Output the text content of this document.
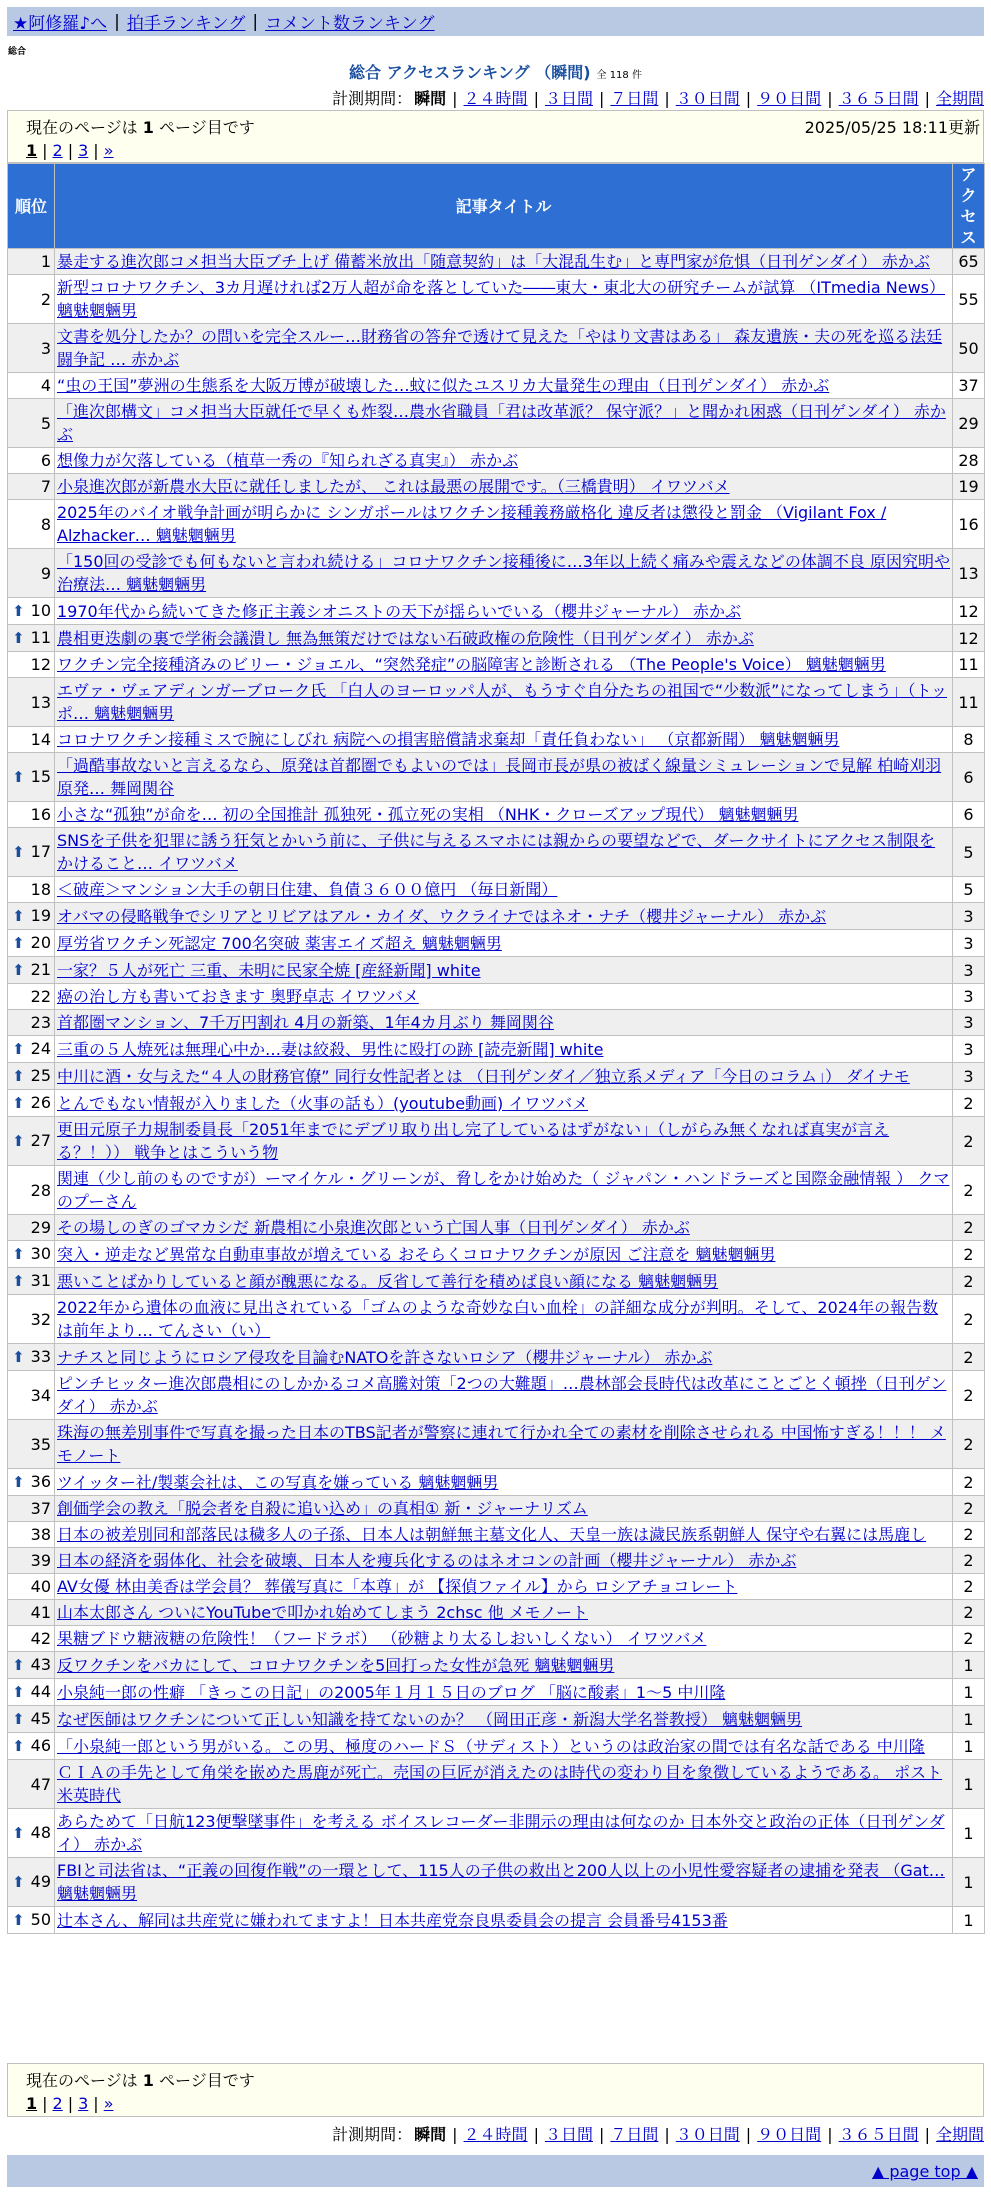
★阿修羅♪へ | 拍手ランキング | コメント数ランキング
総合
総合 アクセスランキング （瞬間) 全 118 件
計測期間： 瞬間 | ２４時間 | ３日間 | ７日間 | ３０日間 | ９０日間 | ３６５日間 | 全期間
現在のページは 1 ページ目です	2025/05/25 18:11更新
1 | 2 | 3 | »
順位	記事タイトル	アクセス
1	暴走する進次郎コメ担当大臣ブチ上げ 備蓄米放出「随意契約」は「大混乱生む」と専門家が危惧（日刊ゲンダイ） 赤かぶ	65
2	新型コロナワクチン、3カ月遅ければ2万人超が命を落としていた――東大・東北大の研究チームが試算 （ITmedia News） 魑魅魍魎男	55
3	文書を処分したか？の問いを完全スルー…財務省の答弁で透けて見えた「やはり文書はある」 森友遺族・夫の死を巡る法廷闘争記 … 赤かぶ	50
4	“虫の王国”夢洲の生態系を大阪万博が破壊した…蚊に似たユスリカ大量発生の理由（日刊ゲンダイ） 赤かぶ	37
5	「進次郎構文」コメ担当大臣就任で早くも炸裂…農水省職員「君は改革派？ 保守派？」と聞かれ困惑（日刊ゲンダイ） 赤かぶ	29
6	想像力が欠落している（植草一秀の『知られざる真実』） 赤かぶ	28
7	小泉進次郎が新農水大臣に就任しましたが、 これは最悪の展開です。（三橋貴明） イワツバメ	19
8	2025年のバイオ戦争計画が明らかに シンガポールはワクチン接種義務厳格化 違反者は懲役と罰金 （Vigilant Fox / Alzhacker… 魑魅魍魎男	16
9	「150回の受診でも何もないと言われ続ける」コロナワクチン接種後に…3年以上続く痛みや震えなどの体調不良 原因究明や治療法… 魑魅魍魎男	13
⬆ 10	1970年代から続いてきた修正主義シオニストの天下が揺らいでいる（櫻井ジャーナル） 赤かぶ	12
⬆ 11	農相更迭劇の裏で学術会議潰し 無為無策だけではない石破政権の危険性（日刊ゲンダイ） 赤かぶ	12
12	ワクチン完全接種済みのビリー・ジョエル、“突然発症”の脳障害と診断される （The People's Voice） 魑魅魍魎男	11
13	エヴァ・ヴェアディンガーブローク氏 「白人のヨーロッパ人が、もうすぐ自分たちの祖国で“少数派”になってしまう」（トッポ… 魑魅魍魎男	11
14	コロナワクチン接種ミスで腕にしびれ 病院への損害賠償請求棄却「責任負わない」 （京都新聞） 魑魅魍魎男	8
⬆ 15	「過酷事故ないと言えるなら、原発は首都圏でもよいのでは」長岡市長が県の被ばく線量シミュレーションで見解 柏崎刈羽原発… 舞岡関谷	6
16	小さな“孤独”が命を… 初の全国推計 孤独死・孤立死の実相 （NHK・クローズアップ現代） 魑魅魍魎男	6
⬆ 17	SNSを子供を犯罪に誘う狂気とかいう前に、子供に与えるスマホには親からの要望などで、ダークサイトにアクセス制限をかけること… イワツバメ	5
18	＜破産＞マンション大手の朝日住建、負債３６００億円 （毎日新聞）	5
⬆ 19	オバマの侵略戦争でシリアとリビアはアル・カイダ、ウクライナではネオ・ナチ（櫻井ジャーナル） 赤かぶ	3
⬆ 20	厚労省ワクチン死認定 700名突破 薬害エイズ超え 魑魅魍魎男	3
⬆ 21	一家？５人が死亡 三重、未明に民家全焼 [産経新聞] white	3
22	癌の治し方も書いておきます 奥野卓志 イワツバメ	3
23	首都圏マンション、7千万円割れ 4月の新築、1年4カ月ぶり 舞岡関谷	3
⬆ 24	三重の５人焼死は無理心中か…妻は絞殺、男性に殴打の跡 [読売新聞] white	3
⬆ 25	中川に酒・女与えた“４人の財務官僚” 同行女性記者とは （日刊ゲンダイ／独立系メディア「今日のコラム」） ダイナモ	3
⬆ 26	とんでもない情報が入りました（火事の話も）(youtube動画) イワツバメ	2
⬆ 27	更田元原子力規制委員長「2051年までにデブリ取り出し完了しているはずがない」（しがらみ無くなれば真実が言える？！）） 戦争とはこういう物	2
28	関連（少し前のものですが）ーマイケル・グリーンが、脅しをかけ始めた（ ジャパン・ハンドラーズと国際金融情報 ） クマのプーさん	2
29	その場しのぎのゴマカシだ 新農相に小泉進次郎という亡国人事（日刊ゲンダイ） 赤かぶ	2
⬆ 30	突入・逆走など異常な自動車事故が増えている おそらくコロナワクチンが原因 ご注意を 魑魅魍魎男	2
⬆ 31	悪いことばかりしていると顔が醜悪になる。反省して善行を積めば良い顔になる 魑魅魍魎男	2
32	2022年から遺体の血液に見出されている「ゴムのような奇妙な白い血栓」の詳細な成分が判明。そして、2024年の報告数は前年より… てんさい（い）	2
⬆ 33	ナチスと同じようにロシア侵攻を目論むNATOを許さないロシア（櫻井ジャーナル） 赤かぶ	2
34	ピンチヒッター進次郎農相にのしかかるコメ高騰対策「2つの大難題」…農林部会長時代は改革にことごとく頓挫（日刊ゲンダイ） 赤かぶ	2
35	珠海の無差別事件で写真を撮った日本のTBS記者が警察に連れて行かれ全ての素材を削除させられる 中国怖すぎる！！！ メモノート	2
⬆ 36	ツイッター社/製薬会社は、この写真を嫌っている 魑魅魍魎男	2
37	創価学会の教え「脱会者を自殺に追い込め」の真相① 新・ジャーナリズム	2
38	日本の被差別同和部落民は穢多人の子孫、日本人は朝鮮無主墓文化人、天皇一族は濊民族系朝鮮人 保守や右翼には馬鹿し	2
39	日本の経済を弱体化、社会を破壊、日本人を痩兵化するのはネオコンの計画（櫻井ジャーナル） 赤かぶ	2
40	AV女優 林由美香は学会員？ 葬儀写真に「本尊」が 【探偵ファイル】から ロシアチョコレート	2
41	山本太郎さん ついにYouTubeで叩かれ始めてしまう 2chsc 他 メモノート	2
42	果糖ブドウ糖液糖の危険性！（フードラボ） （砂糖より太るしおいしくない） イワツバメ	2
⬆ 43	反ワクチンをバカにして、コロナワクチンを5回打った女性が急死 魑魅魍魎男	1
⬆ 44	小泉純一郎の性癖 「きっこの日記」の2005年１月１５日のブログ 「脳に酸素」1～5 中川隆	1
⬆ 45	なぜ医師はワクチンについて正しい知識を持てないのか？ （岡田正彦・新潟大学名誉教授） 魑魅魍魎男	1
⬆ 46	「小泉純一郎という男がいる。この男、極度のハードＳ（サディスト）というのは政治家の間では有名な話である 中川隆	1
47	ＣＩＡの手先として角栄を嵌めた馬鹿が死亡。売国の巨匠が消えたのは時代の変わり目を象徴しているようである。 ポスト米英時代	1
⬆ 48	あらためて「日航123便撃墜事件」を考える ボイスレコーダー非開示の理由は何なのか 日本外交と政治の正体（日刊ゲンダイ） 赤かぶ	1
⬆ 49	FBIと司法省は、“正義の回復作戦”の一環として、115人の子供の救出と200人以上の小児性愛容疑者の逮捕を発表 （Gat… 魑魅魍魎男	1
⬆ 50	辻本さん、解同は共産党に嫌われてますよ！日本共産党奈良県委員会の提言 会員番号4153番	1
現在のページは 1 ページ目です
1 | 2 | 3 | »
計測期間： 瞬間 | ２４時間 | ３日間 | ７日間 | ３０日間 | ９０日間 | ３６５日間 | 全期間
▲ page top ▲
